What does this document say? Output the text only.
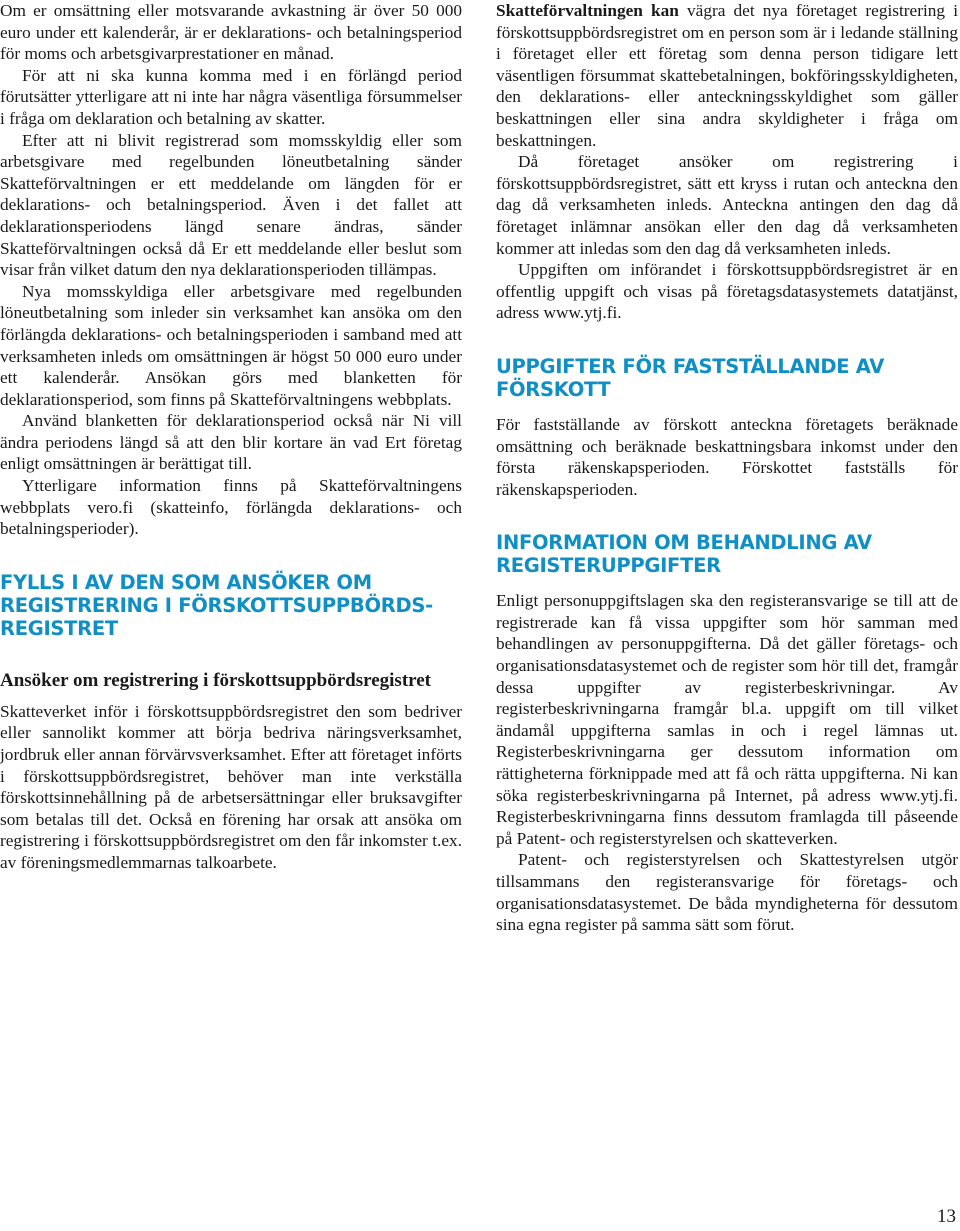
Om er omsättning eller motsvarande avkastning är över 50 000 euro under ett kalenderår, är er deklarations- och betalningsperiod för moms och arbetsgivarprestationer en månad.

För att ni ska kunna komma med i en förlängd period förutsätter ytterligare att ni inte har några väsentliga försummelser i fråga om deklaration och betalning av skatter.

Efter att ni blivit registrerad som momsskyldig eller som arbetsgivare med regelbunden löneutbetalning sänder Skatteförvaltningen er ett meddelande om längden för er deklarations- och betalningsperiod. Även i det fallet att deklarationsperiodens längd senare ändras, sänder Skatteförvaltningen också då Er ett meddelande eller beslut som visar från vilket datum den nya deklarationsperioden tillämpas.

Nya momsskyldiga eller arbetsgivare med regelbunden löneutbetalning som inleder sin verksamhet kan ansöka om den förlängda deklarations- och betalningsperioden i samband med att verksamheten inleds om omsättningen är högst 50 000 euro under ett kalenderår. Ansökan görs med blanketten för deklarationsperiod, som finns på Skatteförvaltningens webbplats.

Använd blanketten för deklarationsperiod också när Ni vill ändra periodens längd så att den blir kortare än vad Ert företag enligt omsättningen är berättigat till.

Ytterligare information finns på Skatteförvaltningens webbplats vero.fi (skatteinfo, förlängda deklarations- och betalningsperioder).

FYLLS I AV DEN SOM ANSÖKER OM REGISTRERING I FÖRSKOTTSUPPBÖRDS-REGISTRET
Ansöker om registrering i förskottsuppbördsregistret

Skatteverket inför i förskottsuppbördsregistret den som bedriver eller sannolikt kommer att börja bedriva näringsverksamhet, jordbruk eller annan förvärvsverksamhet. Efter att företaget införts i förskottsuppbördsregistret, behöver man inte verkställa förskottsinnehållning på de arbetsersättningar eller bruksavgifter som betalas till det. Också en förening har orsak att ansöka om registrering i förskottsuppbördsregistret om den får inkomster t.ex. av föreningsmedlemmarnas talkoarbete.

Skatteförvaltningen kan vägra det nya företaget registrering i förskottsuppbördsregistret om en person som är i ledande ställning i företaget eller ett företag som denna person tidigare lett väsentligen försummat skattebetalningen, bokföringsskyldigheten, den deklarations- eller anteckningsskyldighet som gäller beskattningen eller sina andra skyldigheter i fråga om beskattningen.

Då företaget ansöker om registrering i förskottsuppbördsregistret, sätt ett kryss i rutan och anteckna den dag då verksamheten inleds. Anteckna antingen den dag då företaget inlämnar ansökan eller den dag då verksamheten kommer att inledas som den dag då verksamheten inleds.

Uppgiften om införandet i förskottsuppbördsregistret är en offentlig uppgift och visas på företagsdatasystemets datatjänst, adress www.ytj.fi.

UPPGIFTER FÖR FASTSTÄLLANDE AV FÖRSKOTT

För fastställande av förskott anteckna företagets beräknade omsättning och beräknade beskattningsbara inkomst under den första räkenskapsperioden. Förskottet fastställs för räkenskapsperioden.

INFORMATION OM BEHANDLING AV REGISTERUPPGIFTER

Enligt personuppgiftslagen ska den registeransvarige se till att de registrerade kan få vissa uppgifter som hör samman med behandlingen av personuppgifterna. Då det gäller företags- och organisationsdatasystemet och de register som hör till det, framgår dessa uppgifter av registerbeskrivningar. Av registerbeskrivningarna framgår bl.a. uppgift om till vilket ändamål uppgifterna samlas in och i regel lämnas ut. Registerbeskrivningarna ger dessutom information om rättigheterna förknippade med att få och rätta uppgifterna. Ni kan söka registerbeskrivningarna på Internet, på adress www.ytj.fi. Registerbeskrivningarna finns dessutom framlagda till påseende på Patent- och registerstyrelsen och skatteverken.

Patent- och registerstyrelsen och Skattestyrelsen utgör tillsammans den registeransvarige för företags- och organisationsdatasystemet. De båda myndigheterna för dessutom sina egna register på samma sätt som förut.

13
